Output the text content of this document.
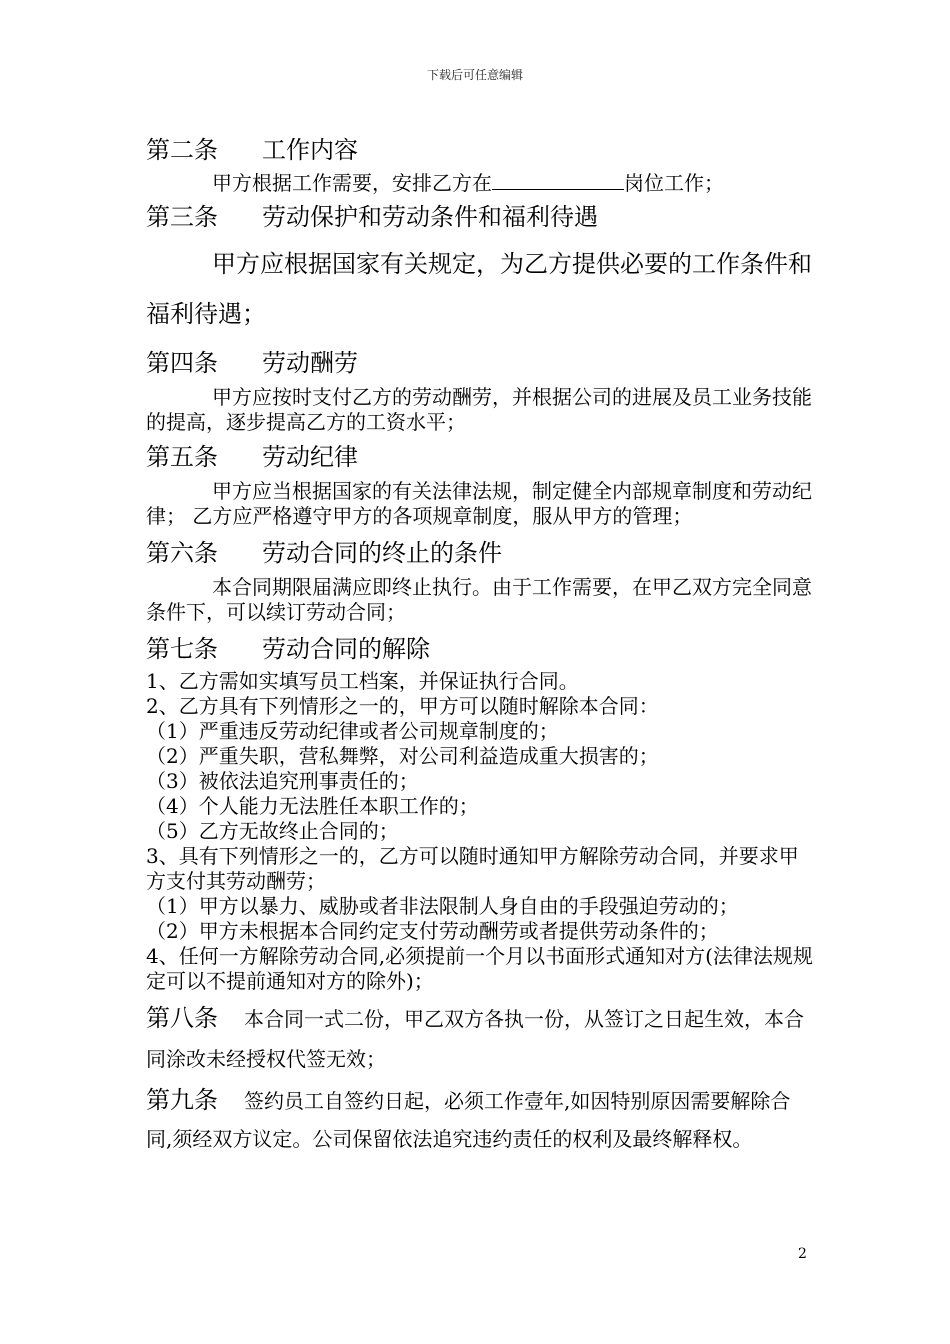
下载后可任意编辑
第二条 工作内容
甲方根据工作需要，安排乙方在	岗位工作；
第三条 劳动保护和劳动条件和福利待遇
甲方应根据国家有关规定，为乙方提供必要的工作条件和福利待遇；
第四条 劳动酬劳
甲方应按时支付乙方的劳动酬劳，并根据公司的进展及员工业务技能的提高，逐步提高乙方的工资水平；
第五条 劳动纪律
甲方应当根据国家的有关法律法规，制定健全内部规章制度和劳动纪律； 乙方应严格遵守甲方的各项规章制度，服从甲方的管理；
第六条 劳动合同的终止的条件
本合同期限届满应即终止执行。由于工作需要，在甲乙双方完全同意条件下，可以续订劳动合同；
第七条 劳动合同的解除
1、乙方需如实填写员工档案，并保证执行合同。
2、乙方具有下列情形之一的，甲方可以随时解除本合同：
（1）严重违反劳动纪律或者公司规章制度的；
（2）严重失职，营私舞弊，对公司利益造成重大损害的；
（3）被依法追究刑事责任的；
（4）个人能力无法胜任本职工作的；
（5）乙方无故终止合同的；
3、具有下列情形之一的，乙方可以随时通知甲方解除劳动合同，并要求甲方支付其劳动酬劳；
（1）甲方以暴力、威胁或者非法限制人身自由的手段强迫劳动的；
（2）甲方未根据本合同约定支付劳动酬劳或者提供劳动条件的；
4、任何一方解除劳动合同,必须提前一个月以书面形式通知对方(法律法规规定可以不提前通知对方的除外)；
第八条 本合同一式二份，甲乙双方各执一份，从签订之日起生效，本合同涂改未经授权代签无效；
第九条 签约员工自签约日起，必须工作壹年,如因特别原因需要解除合同,须经双方议定。公司保留依法追究违约责任的权利及最终解释权。
2
